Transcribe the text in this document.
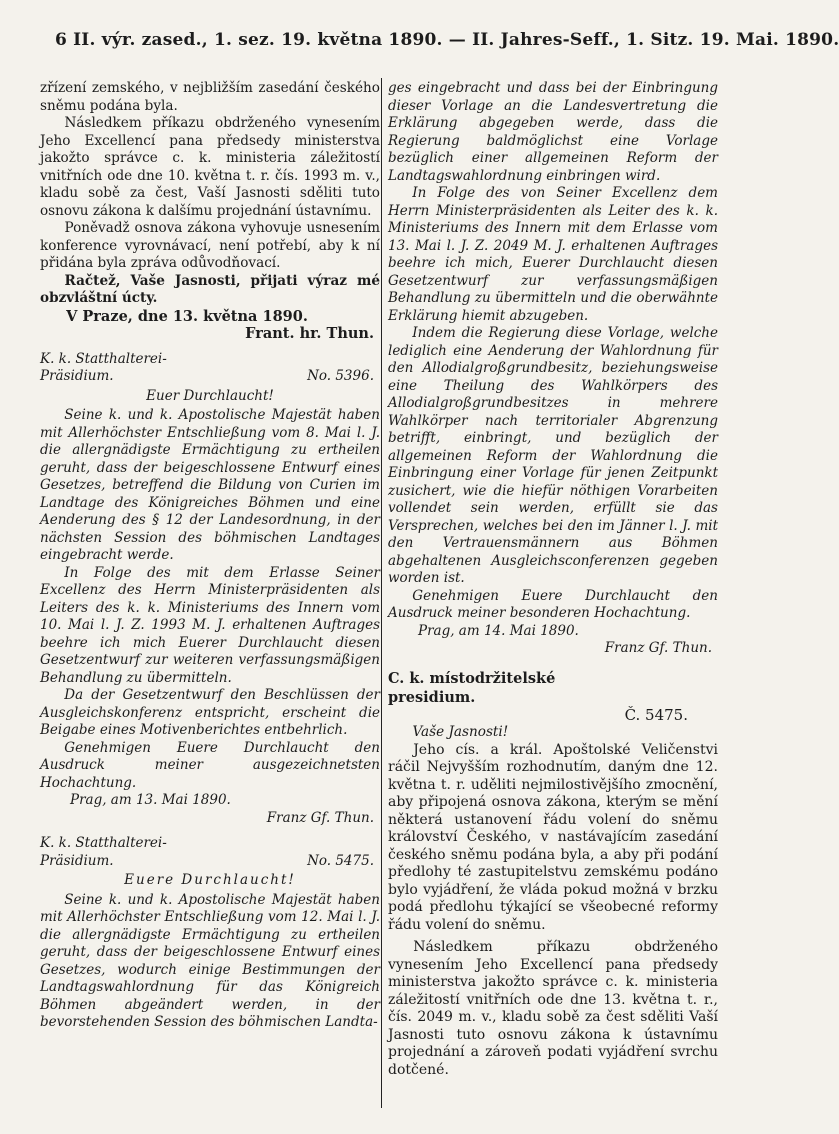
6 II. výr. zased., 1. sez. 19. května 1890. — II. Jahres-Seff., 1. Sitz. 19. Mai. 1890.

zřízení zemského, v nejbližším zasedání českého sněmu podána byla.

Následkem příkazu obdrženého vynesením Jeho Excellencí pana předsedy ministerstva jakožto správce c. k. ministeria záležitostí vnitřních ode dne 10. května t. r. čís. 1993 m. v., kladu sobě za čest, Vaší Jasnosti sděliti tuto osnovu zákona k dalšímu projednání ústavnímu.

Poněvadž osnova zákona vyhovuje usnesením konference vyrovnávací, není potřebí, aby k ní přidána byla zpráva odůvodňovací.

Račtež, Vaše Jasnosti, přijati výraz mé obzvláštní úcty.

V Praze, dne 13. května 1890.

Frant. hr. Thun.

K. k. Statthalterei-
Präsidium.	No. 5396.

Euer Durchlaucht!

Seine k. und k. Apostolische Majestät haben mit Allerhöchster Entschließung vom 8. Mai l. J. die allergnädigste Ermächtigung zu ertheilen geruht, dass der beigeschlossene Entwurf eines Gesetzes, betreffend die Bildung von Curien im Landtage des Königreiches Böhmen und eine Aenderung des § 12 der Landesordnung, in der nächsten Session des böhmischen Landtages eingebracht werde.

In Folge des mit dem Erlasse Seiner Excellenz des Herrn Ministerpräsidenten als Leiters des k. k. Ministeriums des Innern vom 10. Mai l. J. Z. 1993 M. J. erhaltenen Auftrages beehre ich mich Euerer Durchlaucht diesen Gesetzentwurf zur weiteren verfassungsmäßigen Behandlung zu übermitteln.

Da der Gesetzentwurf den Beschlüssen der Ausgleichskonferenz entspricht, erscheint die Beigabe eines Motivenberichtes entbehrlich.

Genehmigen Euere Durchlaucht den Ausdruck meiner ausgezeichnetsten Hochachtung.

Prag, am 13. Mai 1890.

Franz Gf. Thun.

K. k. Statthalterei-
Präsidium.	No. 5475.

Euere Durchlaucht!

Seine k. und k. Apostolische Majestät haben mit Allerhöchster Entschließung vom 12. Mai l. J. die allergnädigste Ermächtigung zu ertheilen geruht, dass der beigeschlossene Entwurf eines Gesetzes, wodurch einige Bestimmungen der Landtagswahlordnung für das Königreich Böhmen abgeändert werden, in der bevorstehenden Session des böhmischen Landta-

ges eingebracht und dass bei der Einbringung dieser Vorlage an die Landesvertretung die Erklärung abgegeben werde, dass die Regierung baldmöglichst eine Vorlage bezüglich einer allgemeinen Reform der Landtagswahlordnung einbringen wird.

In Folge des von Seiner Excellenz dem Herrn Ministerpräsidenten als Leiter des k. k. Ministeriums des Innern mit dem Erlasse vom 13. Mai l. J. Z. 2049 M. J. erhaltenen Auftrages beehre ich mich, Euerer Durchlaucht diesen Gesetzentwurf zur verfassungsmäßigen Behandlung zu übermitteln und die oberwähnte Erklärung hiemit abzugeben.

Indem die Regierung diese Vorlage, welche lediglich eine Aenderung der Wahlordnung für den Allodialgroßgrundbesitz, beziehungsweise eine Theilung des Wahlkörpers des Allodialgroßgrundbesitzes in mehrere Wahlkörper nach territorialer Abgrenzung betrifft, einbringt, und bezüglich der allgemeinen Reform der Wahlordnung die Einbringung einer Vorlage für jenen Zeitpunkt zusichert, wie die hiefür nöthigen Vorarbeiten vollendet sein werden, erfüllt sie das Versprechen, welches bei den im Jänner l. J. mit den Vertrauensmännern aus Böhmen abgehaltenen Ausgleichsconferenzen gegeben worden ist.

Genehmigen Euere Durchlaucht den Ausdruck meiner besonderen Hochachtung.

Prag, am 14. Mai 1890.

Franz Gf. Thun.

C. k. místodržitelské
presidium.

Č. 5475.

Vaše Jasnosti!

Jeho cís. a král. Apoštolské Veličenstvi ráčil Nejvyšším rozhodnutím, daným dne 12. května t. r. uděliti nejmilostivějšího zmocnění, aby připojená osnova zákona, kterým se mění některá ustanovení řádu volení do sněmu království Českého, v nastávajícím zasedání českého sněmu podána byla, a aby při podání předlohy té zastupitelstvu zemskému podáno bylo vyjádření, že vláda pokud možná v brzku podá předlohu týkající se všeobecné reformy řádu volení do sněmu.

Následkem příkazu obdrženého vynesením Jeho Excellencí pana předsedy ministerstva jakožto správce c. k. ministeria záležitostí vnitřních ode dne 13. května t. r., čís. 2049 m. v., kladu sobě za čest sděliti Vaší Jasnosti tuto osnovu zákona k ústavnímu projednání a zároveň podati vyjádření svrchu dotčené.
